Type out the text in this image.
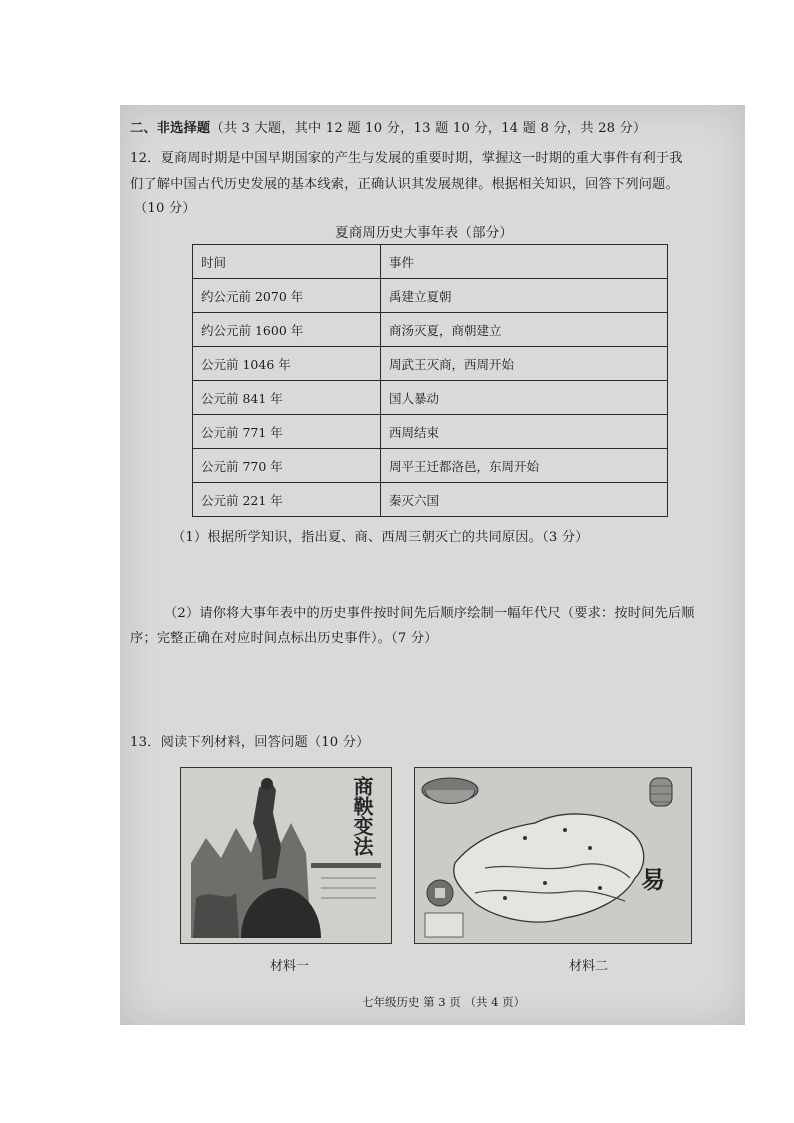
二、非选择题（共 3 大题，其中 12 题 10 分，13 题 10 分，14 题 8 分，共 28 分）
12．夏商周时期是中国早期国家的产生与发展的重要时期，掌握这一时期的重大事件有利于我
们了解中国古代历史发展的基本线索，正确认识其发展规律。根据相关知识，回答下列问题。
（10 分）
夏商周历史大事年表（部分）
时间	事件
约公元前 2070 年	禹建立夏朝
约公元前 1600 年	商汤灭夏，商朝建立
公元前 1046 年	周武王灭商，西周开始
公元前 841 年	国人暴动
公元前 771 年	西周结束
公元前 770 年	周平王迁都洛邑，东周开始
公元前 221 年	秦灭六国
（1）根据所学知识，指出夏、商、西周三朝灭亡的共同原因。（3 分）
（2）请你将大事年表中的历史事件按时间先后顺序绘制一幅年代尺（要求：按时间先后顺
序；完整正确在对应时间点标出历史事件）。（7 分）
13．阅读下列材料，回答问题（10 分）
商鞅变法
易
材料一	材料二
七年级历史 第 3 页 （共 4 页）
